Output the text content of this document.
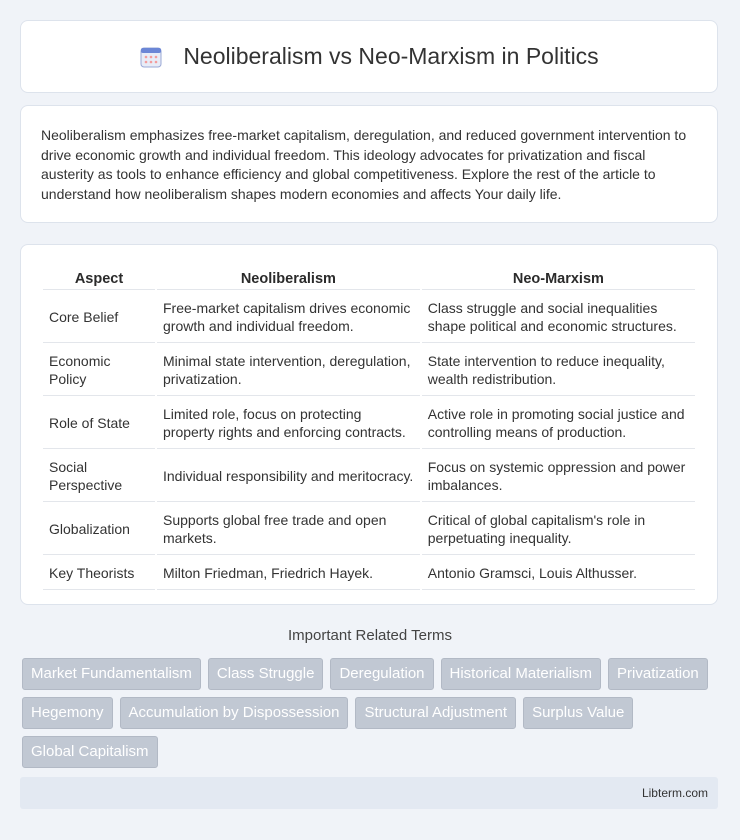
Neoliberalism vs Neo-Marxism in Politics

Neoliberalism emphasizes free-market capitalism, deregulation, and reduced government intervention to drive economic growth and individual freedom. This ideology advocates for privatization and fiscal austerity as tools to enhance efficiency and global competitiveness. Explore the rest of the article to understand how neoliberalism shapes modern economies and affects Your daily life.

Aspect	Neoliberalism	Neo-Marxism
Core Belief	Free-market capitalism drives economic growth and individual freedom.	Class struggle and social inequalities shape political and economic structures.
Economic Policy	Minimal state intervention, deregulation, privatization.	State intervention to reduce inequality, wealth redistribution.
Role of State	Limited role, focus on protecting property rights and enforcing contracts.	Active role in promoting social justice and controlling means of production.
Social Perspective	Individual responsibility and meritocracy.	Focus on systemic oppression and power imbalances.
Globalization	Supports global free trade and open markets.	Critical of global capitalism's role in perpetuating inequality.
Key Theorists	Milton Friedman, Friedrich Hayek.	Antonio Gramsci, Louis Althusser.
Important Related Terms
Market Fundamentalism	Class Struggle	Deregulation	Historical Materialism	Privatization
Hegemony	Accumulation by Dispossession	Structural Adjustment	Surplus Value
Global Capitalism
Libterm.com
